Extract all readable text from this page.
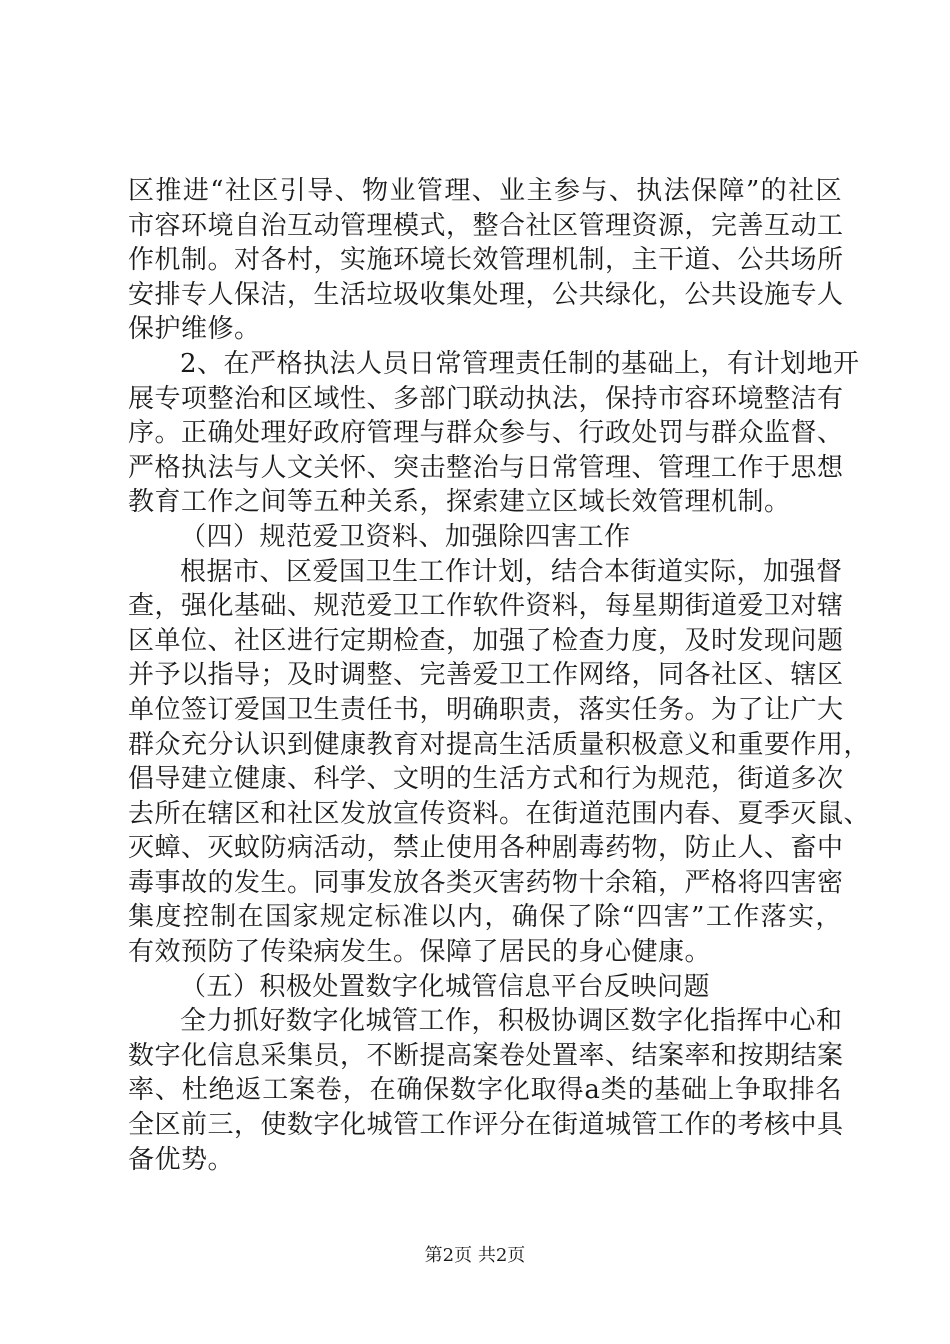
区推进“社区引导、物业管理、业主参与、执法保障”的社区
市容环境自治互动管理模式，整合社区管理资源，完善互动工
作机制。对各村，实施环境长效管理机制，主干道、公共场所
安排专人保洁，生活垃圾收集处理，公共绿化，公共设施专人
保护维修。
2、在严格执法人员日常管理责任制的基础上，有计划地开
展专项整治和区域性、多部门联动执法，保持市容环境整洁有
序。正确处理好政府管理与群众参与、行政处罚与群众监督、
严格执法与人文关怀、突击整治与日常管理、管理工作于思想
教育工作之间等五种关系，探索建立区域长效管理机制。
（四）规范爱卫资料、加强除四害工作
根据市、区爱国卫生工作计划，结合本街道实际，加强督
查，强化基础、规范爱卫工作软件资料，每星期街道爱卫对辖
区单位、社区进行定期检查，加强了检查力度，及时发现问题
并予以指导；及时调整、完善爱卫工作网络，同各社区、辖区
单位签订爱国卫生责任书，明确职责，落实任务。为了让广大
群众充分认识到健康教育对提高生活质量积极意义和重要作用，
倡导建立健康、科学、文明的生活方式和行为规范，街道多次
去所在辖区和社区发放宣传资料。在街道范围内春、夏季灭鼠、
灭蟑、灭蚊防病活动，禁止使用各种剧毒药物，防止人、畜中
毒事故的发生。同事发放各类灭害药物十余箱，严格将四害密
集度控制在国家规定标准以内，确保了除“四害”工作落实，
有效预防了传染病发生。保障了居民的身心健康。
（五）积极处置数字化城管信息平台反映问题
全力抓好数字化城管工作，积极协调区数字化指挥中心和
数字化信息采集员，不断提高案卷处置率、结案率和按期结案
率、杜绝返工案卷，在确保数字化取得a类的基础上争取排名
全区前三，使数字化城管工作评分在街道城管工作的考核中具
备优势。
第2页 共2页
